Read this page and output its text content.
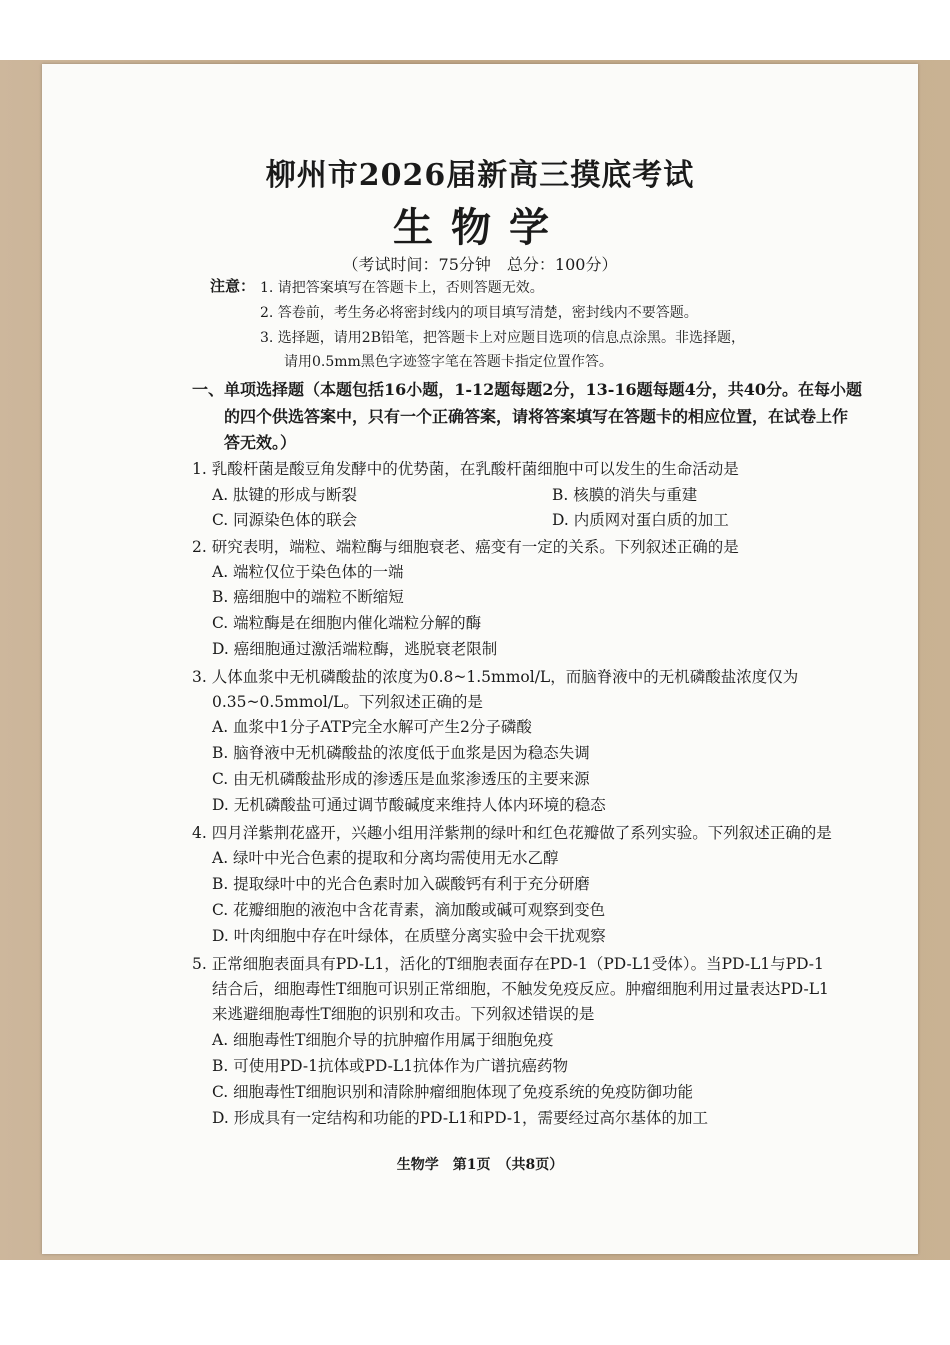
柳州市2026届新高三摸底考试
生物学
（考试时间：75分钟　总分：100分）
注意： 1. 请把答案填写在答题卡上，否则答题无效。
2. 答卷前，考生务必将密封线内的项目填写清楚，密封线内不要答题。
3. 选择题，请用2B铅笔，把答题卡上对应题目选项的信息点涂黑。非选择题，
请用0.5mm黑色字迹签字笔在答题卡指定位置作答。
一、单项选择题（本题包括16小题，1-12题每题2分，13-16题每题4分，共40分。在每小题
的四个供选答案中，只有一个正确答案，请将答案填写在答题卡的相应位置，在试卷上作
答无效。）
1. 乳酸杆菌是酸豆角发酵中的优势菌，在乳酸杆菌细胞中可以发生的生命活动是
A. 肽键的形成与断裂	B. 核膜的消失与重建
C. 同源染色体的联会	D. 内质网对蛋白质的加工
2. 研究表明，端粒、端粒酶与细胞衰老、癌变有一定的关系。下列叙述正确的是
A. 端粒仅位于染色体的一端
B. 癌细胞中的端粒不断缩短
C. 端粒酶是在细胞内催化端粒分解的酶
D. 癌细胞通过激活端粒酶，逃脱衰老限制
3. 人体血浆中无机磷酸盐的浓度为0.8~1.5mmol/L，而脑脊液中的无机磷酸盐浓度仅为
0.35~0.5mmol/L。下列叙述正确的是
A. 血浆中1分子ATP完全水解可产生2分子磷酸
B. 脑脊液中无机磷酸盐的浓度低于血浆是因为稳态失调
C. 由无机磷酸盐形成的渗透压是血浆渗透压的主要来源
D. 无机磷酸盐可通过调节酸碱度来维持人体内环境的稳态
4. 四月洋紫荆花盛开，兴趣小组用洋紫荆的绿叶和红色花瓣做了系列实验。下列叙述正确的是
A. 绿叶中光合色素的提取和分离均需使用无水乙醇
B. 提取绿叶中的光合色素时加入碳酸钙有利于充分研磨
C. 花瓣细胞的液泡中含花青素，滴加酸或碱可观察到变色
D. 叶肉细胞中存在叶绿体，在质壁分离实验中会干扰观察
5. 正常细胞表面具有PD-L1，活化的T细胞表面存在PD-1（PD-L1受体）。当PD-L1与PD-1
结合后，细胞毒性T细胞可识别正常细胞，不触发免疫反应。肿瘤细胞利用过量表达PD-L1
来逃避细胞毒性T细胞的识别和攻击。下列叙述错误的是
A. 细胞毒性T细胞介导的抗肿瘤作用属于细胞免疫
B. 可使用PD-1抗体或PD-L1抗体作为广谱抗癌药物
C. 细胞毒性T细胞识别和清除肿瘤细胞体现了免疫系统的免疫防御功能
D. 形成具有一定结构和功能的PD-L1和PD-1，需要经过高尔基体的加工
生物学　第1页　（共8页）
